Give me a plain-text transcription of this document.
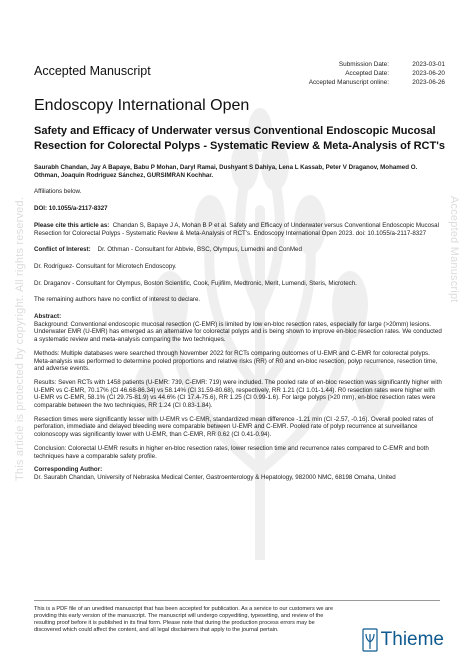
This article is protected by copyright. All rights reserved.	Accepted Manuscript
Accepted Manuscript	Submission Date:	2023-03-01
Accepted Date:	2023-06-20
Accepted Manuscript online:	2023-06-26
Endoscopy International Open
Safety and Efficacy of Underwater versus Conventional Endoscopic Mucosal Resection for Colorectal Polyps - Systematic Review & Meta-Analysis of RCT's

Saurabh Chandan, Jay A Bapaye, Babu P Mohan, Daryl Ramai, Dushyant S Dahiya, Lena L Kassab, Peter V Draganov, Mohamed O. Othman, Joaquin Rodriguez Sánchez, GURSIMRAN Kochhar.

Affiliations below.

DOI: 10.1055/a-2117-8327

Please cite this article as: Chandan S, Bapaye J A, Mohan B P et al. Safety and Efficacy of Underwater versus Conventional Endoscopic Mucosal Resection for Colorectal Polyps - Systematic Review & Meta-Analysis of RCT's. Endoscopy International Open 2023. doi: 10.1055/a-2117-8327

Conflict of Interest: Dr. Othman - Consultant for Abbvie, BSC, Olympus, Lumedni and ConMed

Dr. Rodríguez- Consultant for Microtech Endoscopy.

Dr. Draganov - Consultant for Olympus, Boston Scientific, Cook, Fujifilm, Medtronic, Merit, Lumendi, Steris, Microtech.

The remaining authors have no conflict of interest to declare.

Abstract:

Background: Conventional endoscopic mucosal resection (C-EMR) is limited by low en-bloc resection rates, especially for large (>20mm) lesions. Underwater EMR (U-EMR) has emerged as an alternative for colorectal polyps and is being shown to improve en-bloc resection rates. We conducted a systematic review and meta-analysis comparing the two techniques.

Methods: Multiple databases were searched through November 2022 for RCTs comparing outcomes of U-EMR and C-EMR for colorectal polyps. Meta-analysis was performed to determine pooled proportions and relative risks (RR) of R0 and en-bloc resection, polyp recurrence, resection time, and adverse events.

Results: Seven RCTs with 1458 patients (U-EMR: 739, C-EMR: 719) were included. The pooled rate of en-bloc resection was significantly higher with U-EMR vs C-EMR, 70.17% (CI 46.68-86.34) vs 58.14% (CI 31.59-80.68), respectively, RR 1.21 (CI 1.01-1.44). R0 resection rates were higher with U-EMR vs C-EMR, 58.1% (CI 29.75-81.9) vs 44.6% (CI 17.4-75.6), RR 1.25 (CI 0.99-1.6). For large polyps (>20 mm), en-bloc resection rates were comparable between the two techniques, RR 1.24 (CI 0.83-1.84).

Resection times were significantly lesser with U-EMR vs C-EMR, standardized mean difference -1.21 min (CI -2.57, -0.16). Overall pooled rates of perforation, immediate and delayed bleeding were comparable between U-EMR and C-EMR. Pooled rate of polyp recurrence at surveillance colonoscopy was significantly lower with U-EMR, than C-EMR, RR 0.62 (CI 0.41-0.94).

Conclusion: Colorectal U-EMR results in higher en-bloc resection rates, lower resection time and recurrence rates compared to C-EMR and both techniques have a comparable safety profile.

Corresponding Author:

Dr. Saurabh Chandan, University of Nebraska Medical Center, Gastroenterology & Hepatology, 982000 NMC, 68198 Omaha, United

This is a PDF file of an unedited manuscript that has been accepted for publication. As a service to our customers we are providing this early version of the manuscript. The manuscript will undergo copyediting, typesetting, and review of the resulting proof before it is published in its final form. Please note that during the production process errors may be discovered which could affect the content, and all legal disclaimers that apply to the journal pertain.	Thieme
